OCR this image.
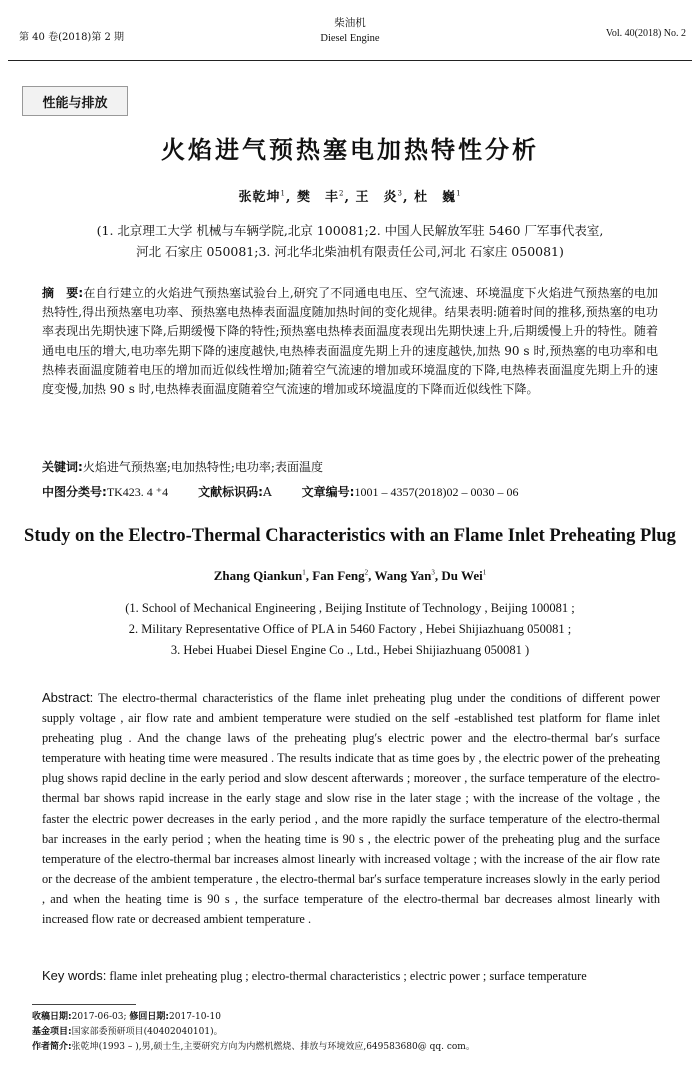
第 40 卷(2018)第 2 期
柴油机
Diesel Engine	Vol. 40(2018) No. 2
性能与排放
火焰进气预热塞电加热特性分析
张乾坤$^1$, 樊　丰$^2$, 王　炎$^3$, 杜　巍$^1$
(1. 北京理工大学 机械与车辆学院,北京 100081;2. 中国人民解放军驻 5460 厂军事代表室,
河北 石家庄 050081;3. 河北华北柴油机有限责任公司,河北 石家庄 050081)
摘　要:在自行建立的火焰进气预热塞试验台上,研究了不同通电电压、空气流速、环境温度下火焰进气预热塞的电加热特性,得出预热塞电功率、预热塞电热棒表面温度随加热时间的变化规律。结果表明:随着时间的推移,预热塞的电功率表现出先期快速下降,后期缓慢下降的特性;预热塞电热棒表面温度表现出先期快速上升,后期缓慢上升的特性。随着通电电压的增大,电功率先期下降的速度越快,电热棒表面温度先期上升的速度越快,加热 90 s 时,预热塞的电功率和电热棒表面温度随着电压的增加而近似线性增加;随着空气流速的增加或环境温度的下降,电热棒表面温度先期上升的速度变慢,加热 90 s 时,电热棒表面温度随着空气流速的增加或环境温度的下降而近似线性下降。
关键词:火焰进气预热塞;电加热特性;电功率;表面温度
中图分类号:TK423. 4 ⁺4	文献标识码:A	文章编号:1001 – 4357(2018)02 – 0030 – 06
Study on the Electro-Thermal Characteristics with an Flame Inlet Preheating Plug
Zhang Qiankun$^1$, Fan Feng$^2$, Wang Yan$^3$, Du Wei$^1$
(1. School of Mechanical Engineering , Beijing Institute of Technology , Beijing 100081 ;
2. Military Representative Office of PLA in 5460 Factory , Hebei Shijiazhuang 050081 ;
3. Hebei Huabei Diesel Engine Co ., Ltd., Hebei Shijiazhuang 050081 )
Abstract: The electro-thermal characteristics of the flame inlet preheating plug under the conditions of different power supply voltage , air flow rate and ambient temperature were studied on the self -established test platform for flame inlet preheating plug . And the change laws of the preheating plug′s electric power and the electro-thermal bar′s surface temperature with heating time were measured . The results indicate that as time goes by , the electric power of the preheating plug shows rapid decline in the early period and slow descent afterwards ; moreover , the surface temperature of the electro-thermal bar shows rapid increase in the early stage and slow rise in the later stage ; with the increase of the voltage , the faster the electric power decreases in the early period , and the more rapidly the surface temperature of the electro-thermal bar increases in the early period ; when the heating time is 90 s , the electric power of the preheating plug and the surface temperature of the electro-thermal bar increases almost linearly with increased voltage ; with the increase of the air flow rate or the decrease of the ambient temperature , the electro-thermal bar′s surface temperature increases slowly in the early period , and when the heating time is 90 s , the surface temperature of the electro-thermal bar decreases almost linearly with increased flow rate or decreased ambient temperature .
Key words: flame inlet preheating plug ; electro-thermal characteristics ; electric power ; surface temperature
收稿日期:2017-06-03; 修回日期:2017-10-10
基金项目:国家部委预研项目(40402040101)。
作者简介:张乾坤(1993 – ),男,硕士生,主要研究方向为内燃机燃烧、排放与环境效应,649583680@ qq. com。
